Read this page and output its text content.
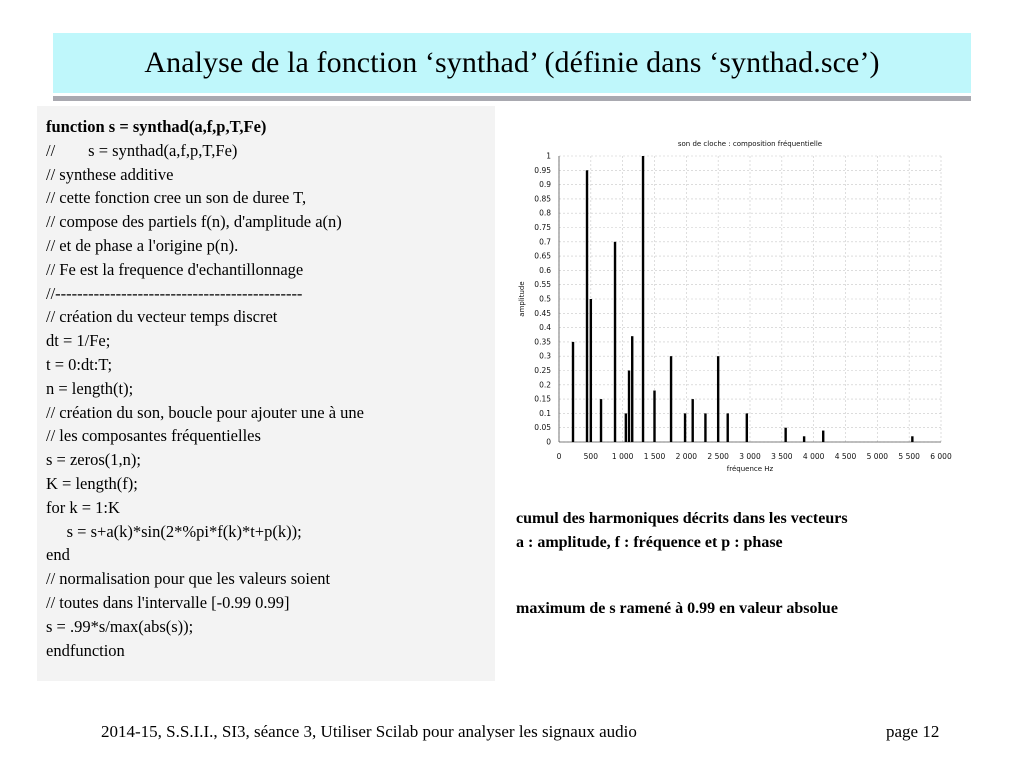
Analyse de la fonction ‘synthad’ (définie dans ‘synthad.sce’)
function s = synthad(a,f,p,T,Fe)
//        s = synthad(a,f,p,T,Fe)
// synthese additive
// cette fonction cree un son de duree T,
// compose des partiels f(n), d'amplitude a(n)
// et de phase a l'origine p(n).
// Fe est la frequence d'echantillonnage
//---------------------------------------------
// création du vecteur temps discret
dt = 1/Fe;
t = 0:dt:T;
n = length(t);
// création du son, boucle pour ajouter une à une
// les composantes fréquentielles
s = zeros(1,n);
K = length(f);
for k = 1:K
s = s+a(k)*sin(2*%pi*f(k)*t+p(k));
end
// normalisation pour que les valeurs soient
// toutes dans l'intervalle [-0.99 0.99]
s = .99*s/max(abs(s));
endfunction
0	500 1 000 1 500 2 000 2 500 3 000 3 500 4 000 4 500 5 000 5 500 6 000
0
0.05
0.1
0.15
0.2
0.25
0.3
0.35
0.4
0.45
0.5
0.55
0.6
0.65
0.7
0.75
0.8
0.85
0.9
0.95
1
son de cloche : composition fréquentielle
fréquence Hz
amplitude
cumul des harmoniques décrits dans les vecteurs
a : amplitude, f : fréquence et p : phase
maximum de s ramené à 0.99 en valeur absolue
2014-15, S.S.I.I., SI3, séance 3, Utiliser Scilab pour analyser les signaux audio	page 12
